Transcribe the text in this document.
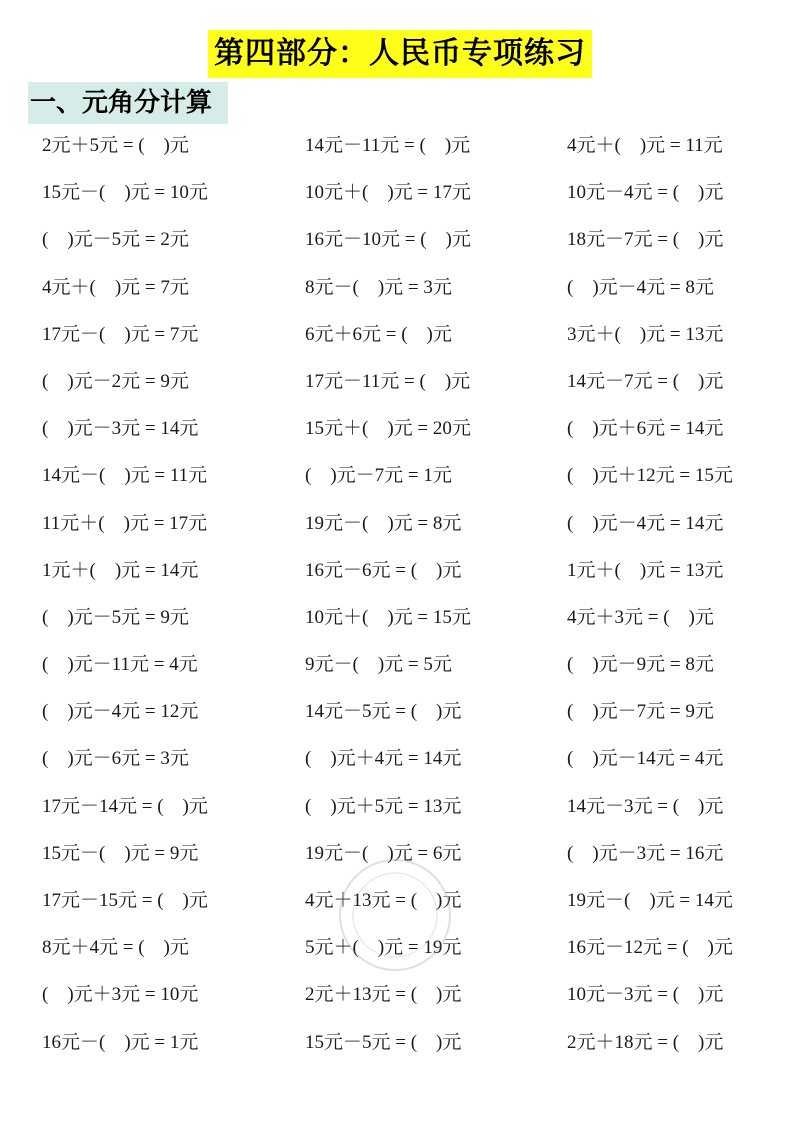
第四部分：人民币专项练习
一、元角分计算
2元＋5元 = (　)元	14元－11元 = (　)元	4元＋(　)元 = 11元
15元－(　)元 = 10元	10元＋(　)元 = 17元	10元－4元 = (　)元
(　)元－5元 = 2元	16元－10元 = (　)元	18元－7元 = (　)元
4元＋(　)元 = 7元	8元－(　)元 = 3元	(　)元－4元 = 8元
17元－(　)元 = 7元	6元＋6元 = (　)元	3元＋(　)元 = 13元
(　)元－2元 = 9元	17元－11元 = (　)元	14元－7元 = (　)元
(　)元－3元 = 14元	15元＋(　)元 = 20元	(　)元＋6元 = 14元
14元－(　)元 = 11元	(　)元－7元 = 1元	(　)元＋12元 = 15元
11元＋(　)元 = 17元	19元－(　)元 = 8元	(　)元－4元 = 14元
1元＋(　)元 = 14元	16元－6元 = (　)元	1元＋(　)元 = 13元
(　)元－5元 = 9元	10元＋(　)元 = 15元	4元＋3元 = (　)元
(　)元－11元 = 4元	9元－(　)元 = 5元	(　)元－9元 = 8元
(　)元－4元 = 12元	14元－5元 = (　)元	(　)元－7元 = 9元
(　)元－6元 = 3元	(　)元＋4元 = 14元	(　)元－14元 = 4元
17元－14元 = (　)元	(　)元＋5元 = 13元	14元－3元 = (　)元
15元－(　)元 = 9元	19元－(　)元 = 6元	(　)元－3元 = 16元
17元－15元 = (　)元	4元＋13元 = (　)元	19元－(　)元 = 14元
8元＋4元 = (　)元	5元＋(　)元 = 19元	16元－12元 = (　)元
(　)元＋3元 = 10元	2元＋13元 = (　)元	10元－3元 = (　)元
16元－(　)元 = 1元	15元－5元 = (　)元	2元＋18元 = (　)元
